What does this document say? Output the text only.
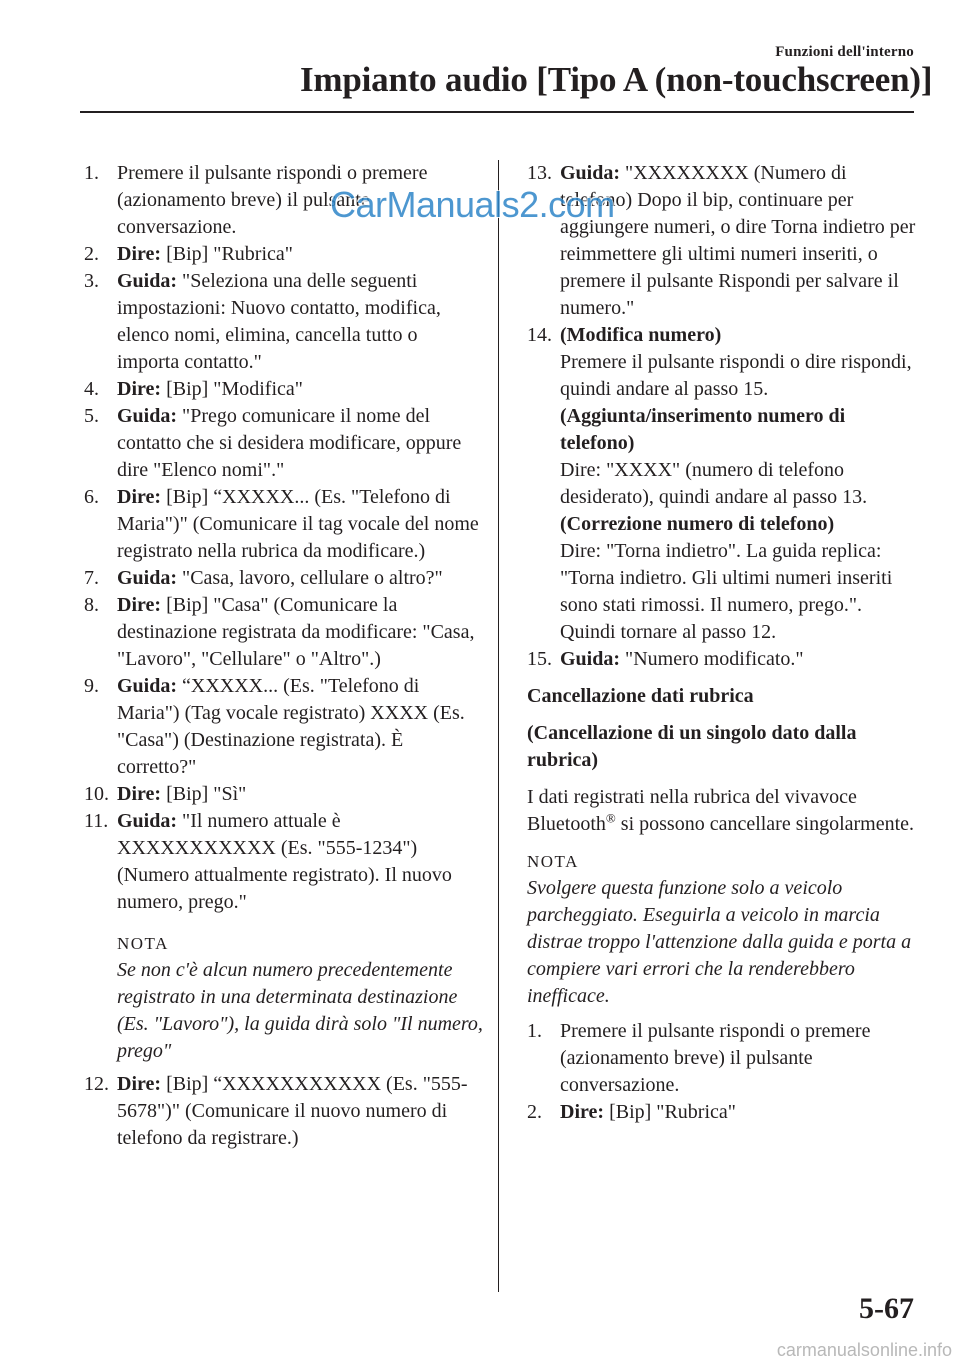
Funzioni dell'interno
Impianto audio [Tipo A (non-touchscreen)]
1. Premere il pulsante rispondi o premere (azionamento breve) il pulsante conversazione.
2. Dire: [Bip] "Rubrica"
3. Guida: "Seleziona una delle seguenti impostazioni: Nuovo contatto, modifica, elenco nomi, elimina, cancella tutto o importa contatto."
4. Dire: [Bip] "Modifica"
5. Guida: "Prego comunicare il nome del contatto che si desidera modificare, oppure dire "Elenco nomi"."
6. Dire: [Bip] “XXXXX... (Es. "Telefono di Maria")" (Comunicare il tag vocale del nome registrato nella rubrica da modificare.)
7. Guida: "Casa, lavoro, cellulare o altro?"
8. Dire: [Bip] "Casa" (Comunicare la destinazione registrata da modificare: "Casa, "Lavoro", "Cellulare" o "Altro".)
9. Guida: “XXXXX... (Es. "Telefono di Maria") (Tag vocale registrato) XXXX (Es. "Casa") (Destinazione registrata). È corretto?"
10. Dire: [Bip] "Sì"
11. Guida: "Il numero attuale è XXXXXXXXXXX (Es. "555-1234") (Numero attualmente registrato). Il nuovo numero, prego."
NOTA
Se non c'è alcun numero precedentemente registrato in una determinata destinazione (Es. "Lavoro"), la guida dirà solo "Il numero, prego"
12. Dire: [Bip] “XXXXXXXXXXX (Es. "555-5678")" (Comunicare il nuovo numero di telefono da registrare.)
13. Guida: "XXXXXXXX (Numero di telefono) Dopo il bip, continuare per aggiungere numeri, o dire Torna indietro per reimmettere gli ultimi numeri inseriti, o premere il pulsante Rispondi per salvare il numero."
14. (Modifica numero)
Premere il pulsante rispondi o dire rispondi, quindi andare al passo 15.
(Aggiunta/inserimento numero di telefono)
Dire: "XXXX" (numero di telefono desiderato), quindi andare al passo 13.
(Correzione numero di telefono)
Dire: "Torna indietro". La guida replica: "Torna indietro. Gli ultimi numeri inseriti sono stati rimossi. Il numero, prego.". Quindi tornare al passo 12.
15. Guida: "Numero modificato."
Cancellazione dati rubrica
(Cancellazione di un singolo dato dalla rubrica)
I dati registrati nella rubrica del vivavoce Bluetooth® si possono cancellare singolarmente.
NOTA
Svolgere questa funzione solo a veicolo parcheggiato. Eseguirla a veicolo in marcia distrae troppo l'attenzione dalla guida e porta a compiere vari errori che la renderebbero inefficace.
1. Premere il pulsante rispondi o premere (azionamento breve) il pulsante conversazione.
2. Dire: [Bip] "Rubrica"
CarManuals2.com
5-67
carmanualsonline.info
